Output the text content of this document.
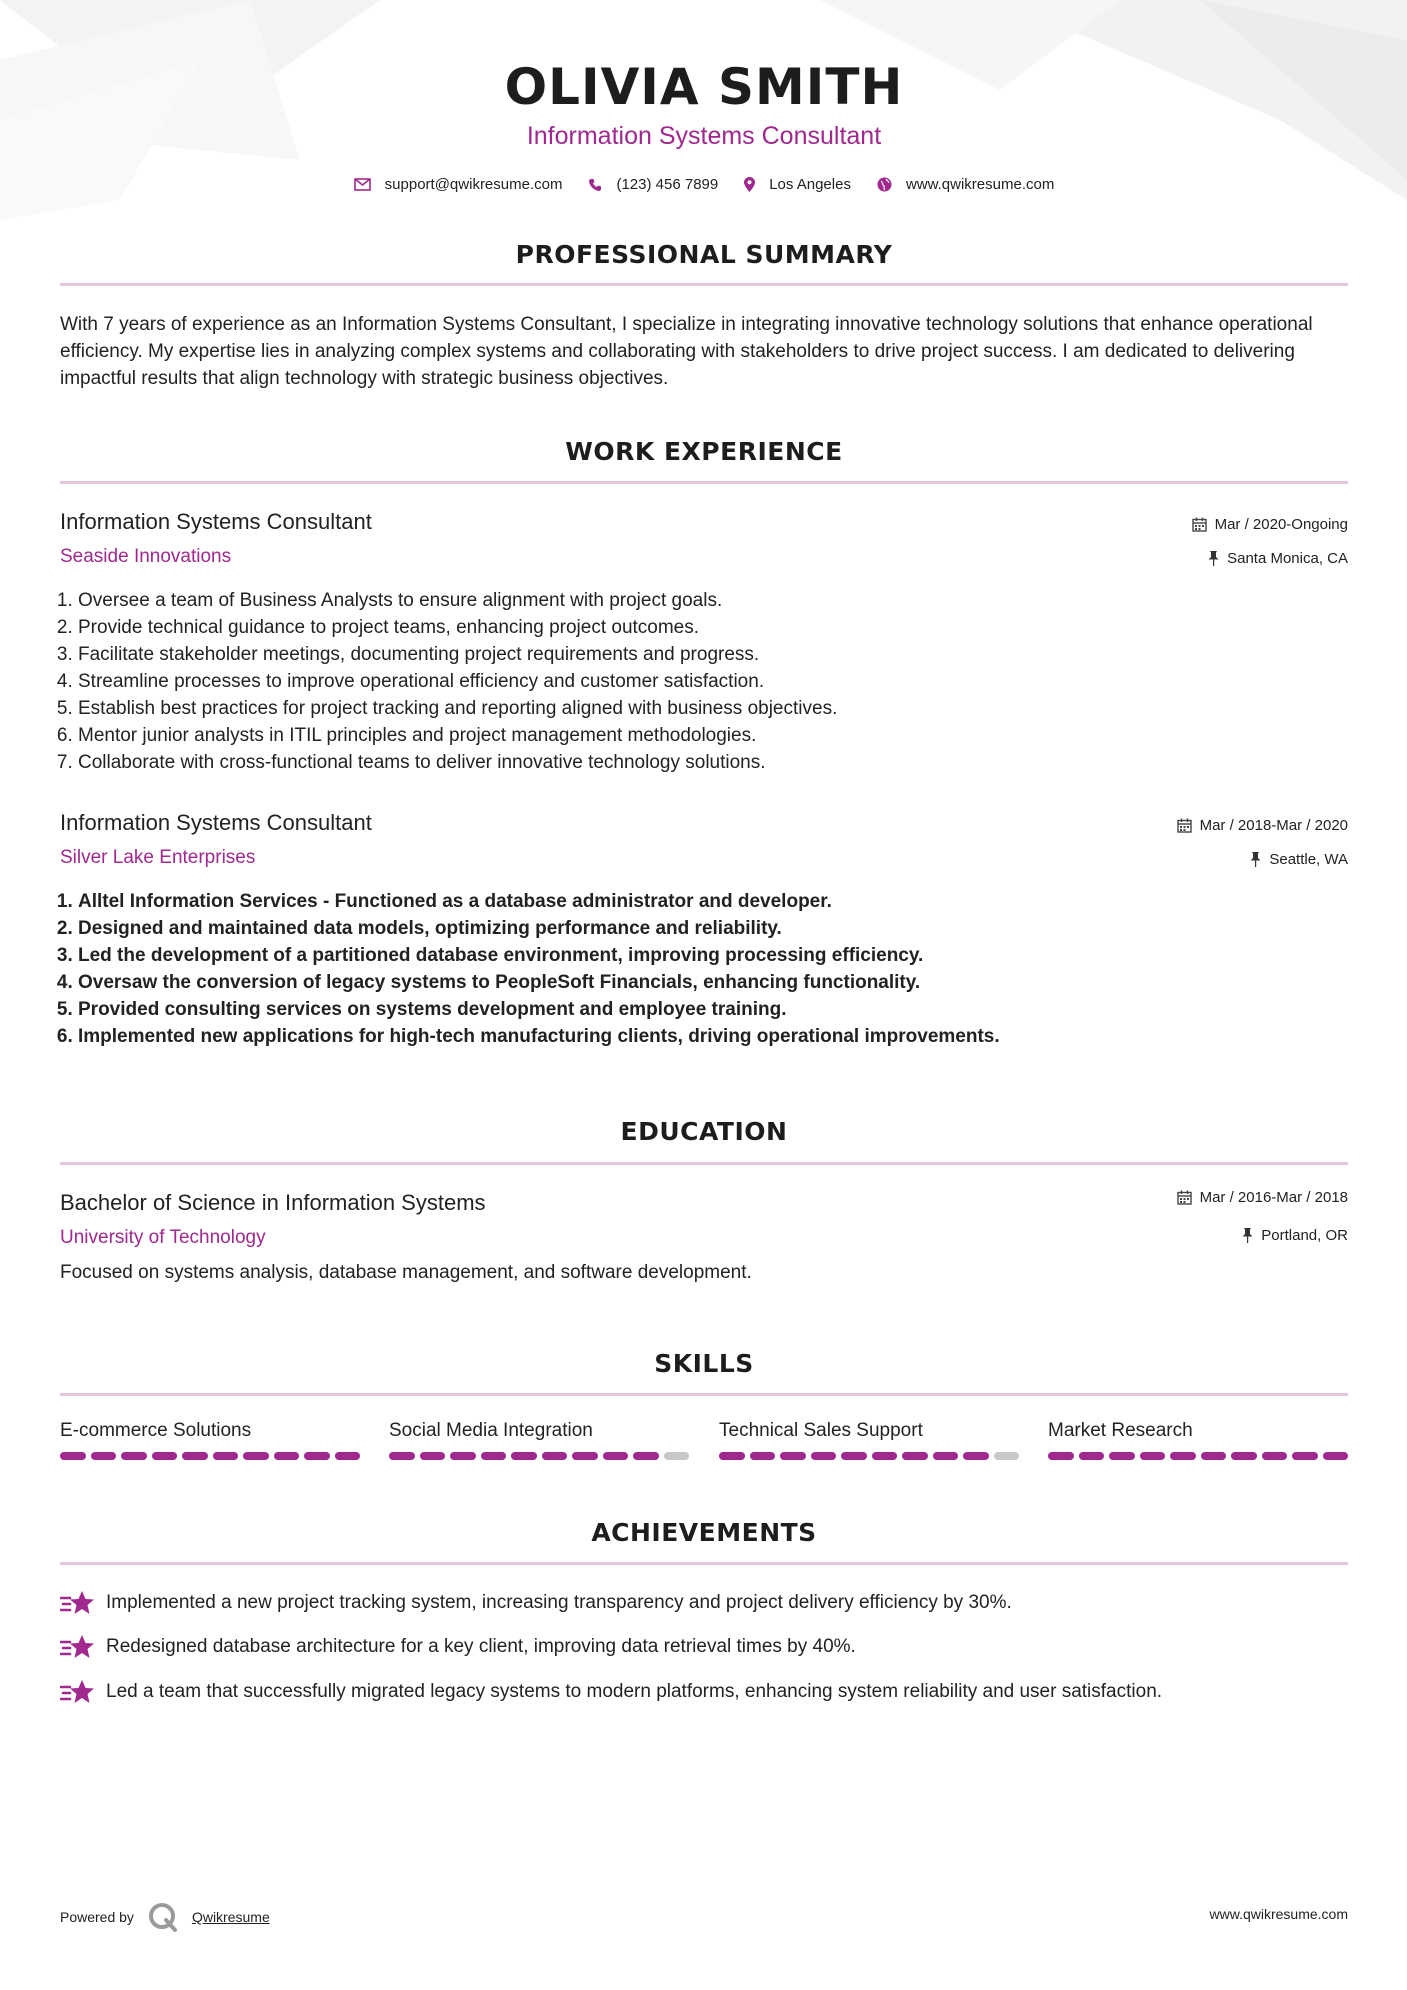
OLIVIA SMITH
Information Systems Consultant
support@qwikresume.com	(123) 456 7899	Los Angeles	www.qwikresume.com
PROFESSIONAL SUMMARY
With 7 years of experience as an Information Systems Consultant, I specialize in integrating innovative technology solutions that enhance operational efficiency. My expertise lies in analyzing complex systems and collaborating with stakeholders to drive project success. I am dedicated to delivering impactful results that align technology with strategic business objectives.
WORK EXPERIENCE
Information Systems Consultant
Seaside Innovations
Mar / 2020-Ongoing
Santa Monica, CA
1. Oversee a team of Business Analysts to ensure alignment with project goals.
2. Provide technical guidance to project teams, enhancing project outcomes.
3. Facilitate stakeholder meetings, documenting project requirements and progress.
4. Streamline processes to improve operational efficiency and customer satisfaction.
5. Establish best practices for project tracking and reporting aligned with business objectives.
6. Mentor junior analysts in ITIL principles and project management methodologies.
7. Collaborate with cross-functional teams to deliver innovative technology solutions.
Information Systems Consultant
Silver Lake Enterprises
Mar / 2018-Mar / 2020
Seattle, WA
1. Alltel Information Services - Functioned as a database administrator and developer.
2. Designed and maintained data models, optimizing performance and reliability.
3. Led the development of a partitioned database environment, improving processing efficiency.
4. Oversaw the conversion of legacy systems to PeopleSoft Financials, enhancing functionality.
5. Provided consulting services on systems development and employee training.
6. Implemented new applications for high-tech manufacturing clients, driving operational improvements.
EDUCATION
Bachelor of Science in Information Systems
University of Technology
Mar / 2016-Mar / 2018
Portland, OR
Focused on systems analysis, database management, and software development.
SKILLS
E-commerce Solutions	Social Media Integration	Technical Sales Support	Market Research
ACHIEVEMENTS
Implemented a new project tracking system, increasing transparency and project delivery efficiency by 30%.
Redesigned database architecture for a key client, improving data retrieval times by 40%.
Led a team that successfully migrated legacy systems to modern platforms, enhancing system reliability and user satisfaction.
Powered by	Qwikresume	www.qwikresume.com
